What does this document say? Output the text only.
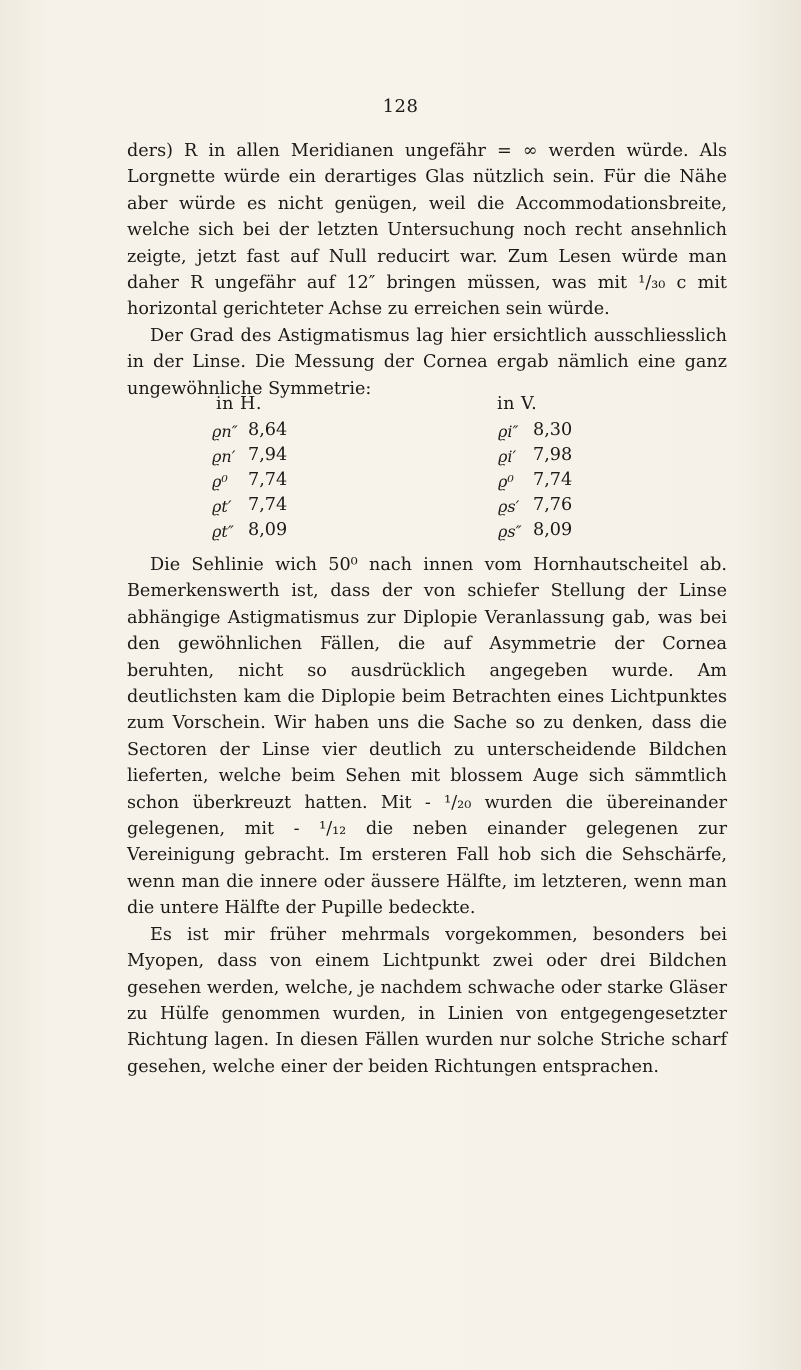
128

ders) R in allen Meridianen ungefähr = ∞ werden würde. Als Lorgnette würde ein derartiges Glas nützlich sein. Für die Nähe aber würde es nicht genügen, weil die Accommodationsbreite, welche sich bei der letzten Untersuchung noch recht ansehnlich zeigte, jetzt fast auf Null reducirt war. Zum Lesen würde man daher R ungefähr auf 12″ bringen müssen, was mit ¹/₃₀ c mit horizontal gerichteter Achse zu erreichen sein würde.

Der Grad des Astigmatismus lag hier ersichtlich ausschliesslich in der Linse. Die Messung der Cornea ergab nämlich eine ganz ungewöhnliche Symmetrie:

in H.	in V.
ϱn″ 8,64	ϱi″ 8,30
ϱn′ 7,94	ϱi′ 7,98
ϱ⁰ 7,74	ϱ⁰ 7,74
ϱt′ 7,74	ϱs′ 7,76
ϱt″ 8,09	ϱs″ 8,09

Die Sehlinie wich 50⁰ nach innen vom Hornhautscheitel ab. Bemerkenswerth ist, dass der von schiefer Stellung der Linse abhängige Astigmatismus zur Diplopie Veranlassung gab, was bei den gewöhnlichen Fällen, die auf Asymmetrie der Cornea beruhten, nicht so ausdrücklich angegeben wurde. Am deutlichsten kam die Diplopie beim Betrachten eines Lichtpunktes zum Vorschein. Wir haben uns die Sache so zu denken, dass die Sectoren der Linse vier deutlich zu unterscheidende Bildchen lieferten, welche beim Sehen mit blossem Auge sich sämmtlich schon überkreuzt hatten. Mit - ¹/₂₀ wurden die übereinander gelegenen, mit - ¹/₁₂ die neben einander gelegenen zur Vereinigung gebracht. Im ersteren Fall hob sich die Sehschärfe, wenn man die innere oder äussere Hälfte, im letzteren, wenn man die untere Hälfte der Pupille bedeckte.

Es ist mir früher mehrmals vorgekommen, besonders bei Myopen, dass von einem Lichtpunkt zwei oder drei Bildchen gesehen werden, welche, je nachdem schwache oder starke Gläser zu Hülfe genommen wurden, in Linien von entgegengesetzter Richtung lagen. In diesen Fällen wurden nur solche Striche scharf gesehen, welche einer der beiden Richtungen entsprachen.
